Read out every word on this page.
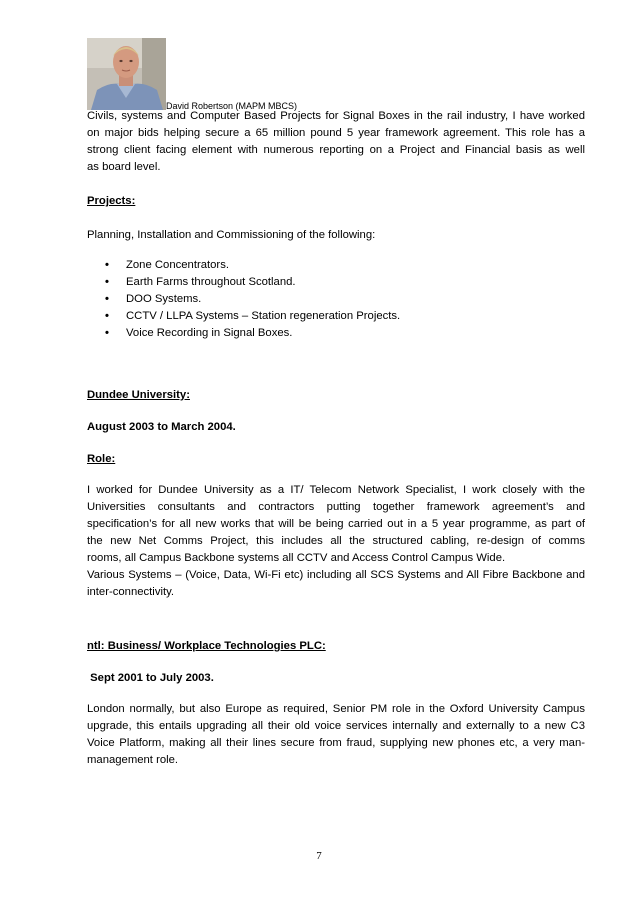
David Robertson (MAPM MBCS)
Civils, systems and Computer Based Projects for Signal Boxes in the rail industry, I have worked
on major bids helping secure a 65 million pound 5 year framework agreement. This role has a
strong client facing element with numerous reporting on a Project and Financial basis as well
as board level.
Projects:
Planning, Installation and Commissioning of the following:
• Zone Concentrators.
• Earth Farms throughout Scotland.
• DOO Systems.
• CCTV / LLPA Systems – Station regeneration Projects.
• Voice Recording in Signal Boxes.
Dundee University:
August 2003 to March 2004.
Role:
I worked for Dundee University as a IT/ Telecom Network Specialist, I work closely with the
Universities consultants and contractors putting together framework agreement’s and
specification’s for all new works that will be being carried out in a 5 year programme, as part of
the new Net Comms Project, this includes all the structured cabling, re-design of comms
rooms, all Campus Backbone systems all CCTV and Access Control Campus Wide.
Various Systems – (Voice, Data, Wi-Fi etc) including all SCS Systems and All Fibre Backbone and
inter-connectivity.
ntl: Business/ Workplace Technologies PLC:
Sept 2001 to July 2003.
London normally, but also Europe as required, Senior PM role in the Oxford University Campus
upgrade, this entails upgrading all their old voice services internally and externally to a new C3
Voice Platform, making all their lines secure from fraud, supplying new phones etc, a very man-
management role.
7
